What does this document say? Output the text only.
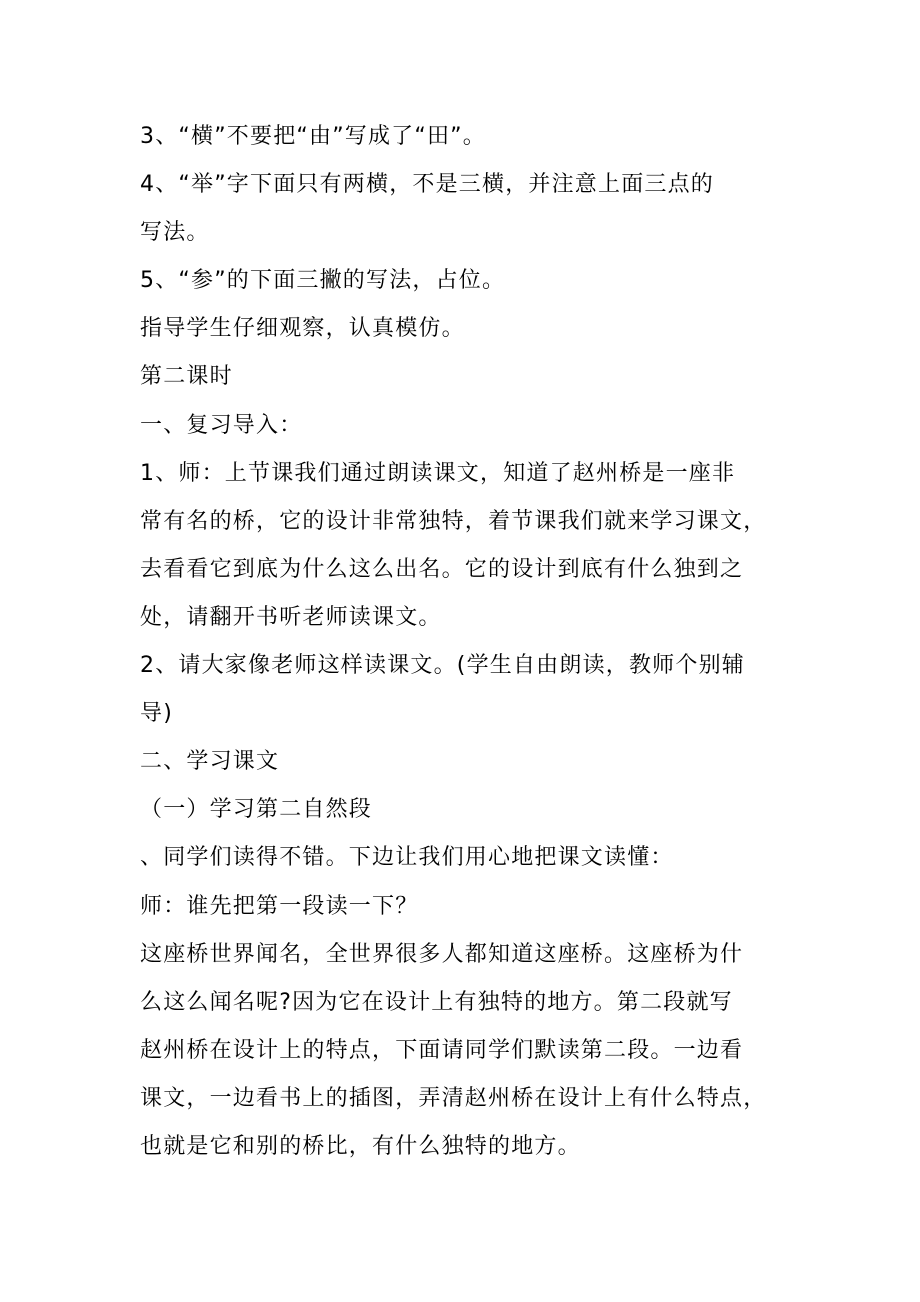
3、“横”不要把“由”写成了“田”。
4、“举”字下面只有两横，不是三横，并注意上面三点的
写法。
5、“参”的下面三撇的写法，占位。
指导学生仔细观察，认真模仿。
第二课时
一、复习导入：
1、师：上节课我们通过朗读课文，知道了赵州桥是一座非
常有名的桥，它的设计非常独特，着节课我们就来学习课文，
去看看它到底为什么这么出名。它的设计到底有什么独到之
处，请翻开书听老师读课文。
2、请大家像老师这样读课文。(学生自由朗读，教师个别辅
导)
二、学习课文
（一）学习第二自然段
、同学们读得不错。下边让我们用心地把课文读懂：
师：谁先把第一段读一下？
这座桥世界闻名，全世界很多人都知道这座桥。这座桥为什
么这么闻名呢?因为它在设计上有独特的地方。第二段就写
赵州桥在设计上的特点，下面请同学们默读第二段。一边看
课文，一边看书上的插图，弄清赵州桥在设计上有什么特点，
也就是它和别的桥比，有什么独特的地方。
